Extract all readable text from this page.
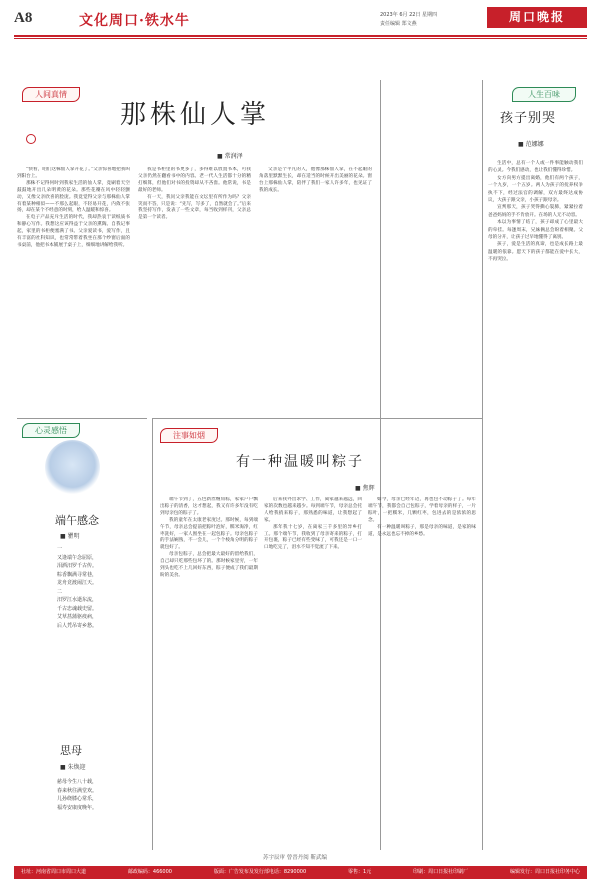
A8	文化周口·铁水牛	2023年 6月 22日 星期四
责任编辑 郑文燕	周口晚报
人间真情
那株仙人掌
■ 常润泽

“快看，咱们这株仙人掌开花了。”父亲惊喜地把我叫到阳台上。

那株不记得何时到我家生活的仙人掌，竟刷着天空鼓鼓地开出几朵明黄的花朵。那些花瓣在风中轻轻颤动，又像父亲欣喜的脸庞。我竟觉得父亲与那株仙人掌有着某种相似——不那么起眼，不轻易开花，内敛不张扬，却在某个不经意的时刻，给人温暖和惊喜。

在电子产品充斥生活的时代，我却热衷于读纸质书和静心写作。我想这应该得益于父亲的熏陶。自我记事起，家里的书柜便塞满了书。父亲爱读书，爱写作，且有丰富的社科知识，也常常带着我坐在那个纱窗后面的书桌前，他把书本铺展于桌子上，细细地讲解给我听。

我是书柜里的书更多了，多得难以放置书本，可我父亲仍然在翻看书中的内容。老一代人生活都十分的精打细算，但他们对书的投资却从不吝啬。他常说，书是最好的老师。

有一天，我问父亲我能在文坛里有所作为吗？父亲笑而不答，只是说：“先写，写多了，自然就会了。”后来我坚持写作，发表了一些文章，每当收到样刊，父亲总是第一个读者。

父亲是个平凡的人，他像那株仙人掌，在不起眼的角落里默默生长，却在适当的时候开出美丽的花朵。窗台上那株仙人掌，陪伴了我们一家人许多年，也见证了我的成长。

人生百味
孩子别哭
■ 范娜娜

生活中，总有一个人或一件事能触动我们的心灵。今我们感动，也让我们懂得珍惜。

女方向男方提出离婚，他们有两个孩子，一个九岁，一个五岁。两人为孩子的抚养权争执不下，经过法官的调解，双方最终达成协议，大孩子跟父亲，小孩子跟母亲。

宣判那天，孩子哭得撕心裂肺，紧紧拉着爸爸妈妈的手不肯放开。在场的人无不动容。

本以为事情了结了，孩子却成了心里最大的牵挂。每逢周末，兄妹俩总会盼着相聚。父母的分开，让孩子过早地懂得了离别。

孩子，爱是生活的真谛，也是成长路上最温暖的依靠。愿天下的孩子都能在爱中长大，不再哭泣。

心灵感悟
端午感念
■ 瞿明
一
又逢端午念屈原，
泪洒汨罗千古传。
粽香飘满寻常巷，
龙舟竞渡闹江天。
二
汨罗江水逝东流，
千古忠魂载史留。
艾草菖蒲驱疫病，
后人凭吊寄乡愁。
思母
■ 朱焕迎
慈母今生八十载，
春来秋往满堂欢。
儿孙绕膝心常乐，
福寿安康度晚年。
注事如烟
有一种温暖叫粽子
■ 焦辉

端午节到了，五色新丝缠角粽，家家户户飘出粽子的清香，这才想起，我又有许多年没有吃到母亲包的粽子了。

我的童年在太康老家度过。那时候，每到端午节，母亲总会提前把粽叶泡好，糯米淘净，红枣洗好，一家人围坐在一起包粽子。母亲包粽子的手法娴熟，不一会儿，一个个棱角分明的粽子就包好了。

母亲包粽子，总会把最大最好的留给我们，自己却只吃那些包坏了的。那时候家里穷，一年到头也吃不上几回好东西，粽子便成了我们最期盼的美食。

后来我外出求学、工作，离家越来越远，回家的次数也越来越少。每到端午节，母亲总会托人给我捎来粽子，那熟悉的味道，让我想起了家。

那年我十七岁，在离家三千多里的异乡打工。那个端午节，我收到了母亲寄来的粽子，打开包裹，粽子已经有些变味了，可我还是一口一口地吃完了，泪水不知不觉流了下来。

如今，母亲已经年迈，再也包不动粽子了。每年端午节，我都会自己包粽子，学着母亲的样子，一片粽叶，一把糯米，几颗红枣，包进去的是浓浓的思念。

有一种温暖叫粽子，那是母亲的味道，是家的味道，是永远也忘不掉的乡愁。

苏宇辰审 曾晋丹阅 靳武编
社址：河南省周口市周口大道	邮政编码：466000	版面：广告发布及发行部电话：8290000	零售：1元	印刷：周口日报社印刷厂	编辑发行：周口日报社印务中心
